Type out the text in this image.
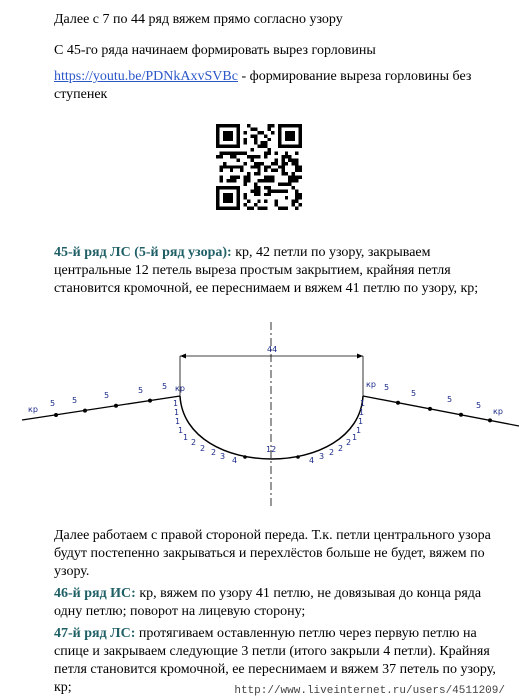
Далее с 7 по 44 ряд вяжем прямо согласно узору
С 45-го ряда начинаем формировать вырез горловины
https://youtu.be/PDNkAxvSVBc - формирование выреза горловины без ступенек
45-й ряд ЛС (5-й ряд узора): кр, 42 петли по узору, закрываем центральные 12 петель выреза простым закрытием, крайняя петля становится кромочной, ее переснимаем и вяжем 41 петлю по узору, кр;
44
кр
5 5
5
5 5 кр	кр 5
5
5
5
кр
1
1
1
1
1
2
2 2 3 4
12
4 3 2 2
2
1
1
1
1
1
Далее работаем с правой стороной переда. Т.к. петли центрального узора будут постепенно закрываться и перехлёстов больше не будет, вяжем по узору.
46-й ряд ИС: кр, вяжем по узору 41 петлю, не довязывая до конца ряда одну петлю; поворот на лицевую сторону;
47-й ряд ЛС: протягиваем оставленную петлю через первую петлю на спице и закрываем следующие 3 петли (итого закрыли 4 петли). Крайняя петля становится кромочной, ее переснимаем и вяжем 37 петель по узору, кр;	http://www.liveinternet.ru/users/4511209/
